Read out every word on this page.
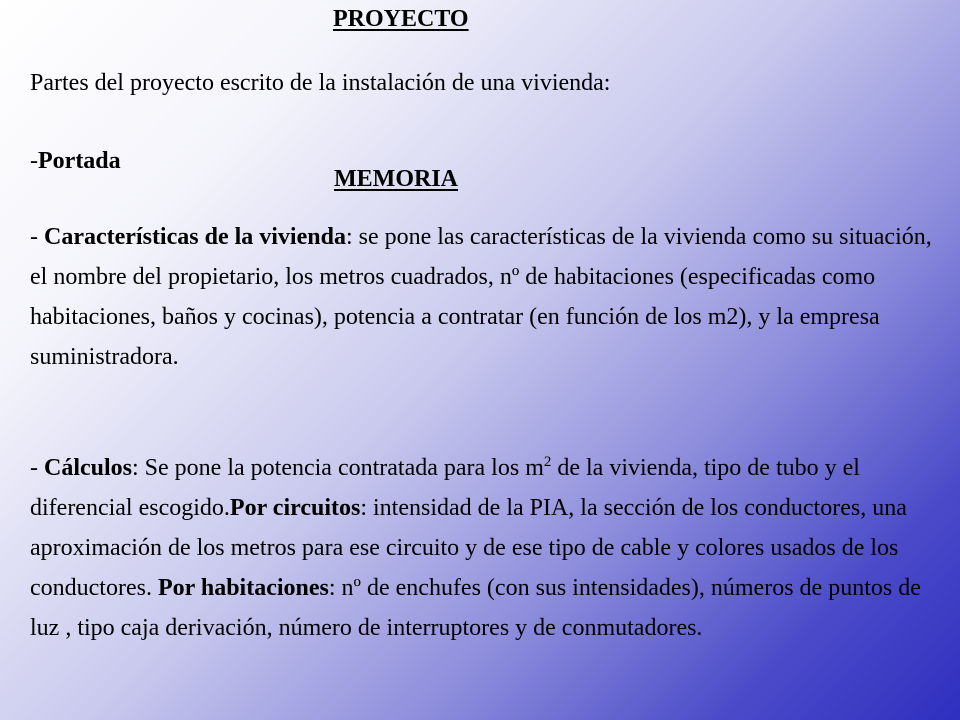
PROYECTO
Partes del proyecto escrito de la instalación de una vivienda:
-Portada
MEMORIA

- Características de la vivienda: se pone las características de la vivienda como su situación, el nombre del propietario, los metros cuadrados, nº de habitaciones (especificadas como habitaciones, baños y cocinas), potencia a contratar (en función de los m2), y la empresa suministradora.

- Cálculos: Se pone la potencia contratada para los $m^2$ de la vivienda, tipo de tubo y el diferencial escogido.Por circuitos: intensidad de la PIA, la sección de los conductores, una aproximación de los metros para ese circuito y de ese tipo de cable y colores usados de los conductores. Por habitaciones: nº de enchufes (con sus intensidades), números de puntos de luz , tipo caja derivación, número de interruptores y de conmutadores.
